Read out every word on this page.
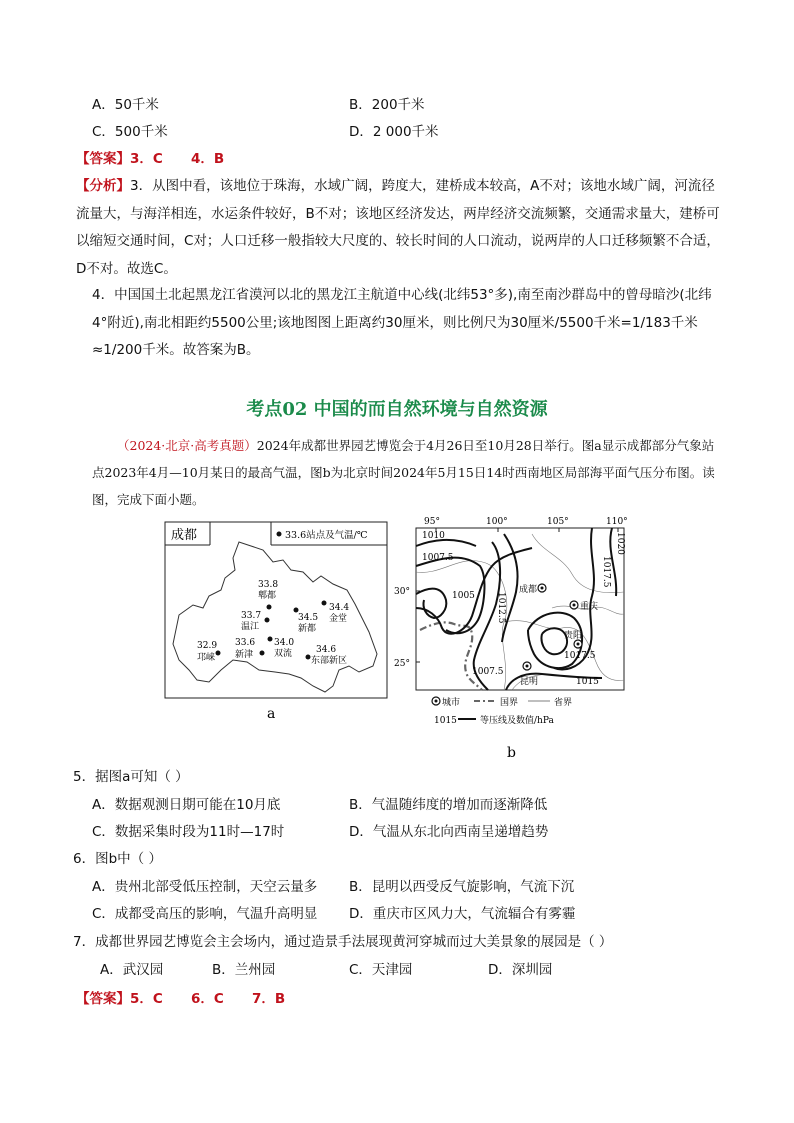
A．50千米	B．200千米
C．500千米	D．2 000千米
【答案】3．C      4．B
【分析】3．从图中看，该地位于珠海，水域广阔，跨度大，建桥成本较高，A不对；该地水域广阔，河流径流量大，与海洋相连，水运条件较好，B不对；该地区经济发达，两岸经济交流频繁，交通需求量大，建桥可以缩短交通时间，C对；人口迁移一般指较大尺度的、较长时间的人口流动，说两岸的人口迁移频繁不合适，D不对。故选C。
4．中国国土北起黑龙江省漠河以北的黑龙江主航道中心线(北纬53°多),南至南沙群岛中的曾母暗沙(北纬4°附近),南北相距约5500公里;该地图图上距离约30厘米，则比例尺为30厘米/5500千米=1/183千米≈1/200千米。故答案为B。
考点02 中国的而自然环境与自然资源
（2024·北京·高考真题）2024年成都世界园艺博览会于4月26日至10月28日举行。图a显示成都部分气象站点2023年4月—10月某日的最高气温，图b为北京时间2024年5月15日14时西南地区局部海平面气压分布图。读图，完成下面小题。
成都	33.6站点及气温/℃
33.8
郫都
33.7
温江
34.5
新都
34.4
金堂
32.9
邛崃
33.6
新津
34.0
双流	34.6
东部新区
a
95°	100°	105°	110°
30°
25°
1010
1007.5
1005 1012.5
1017.5
1020
1007.5
1017.5
1015
成都
重庆
贵阳
昆明
城市	国界	省界
1015	等压线及数值/hPa
b
5．据图a可知（ ）
A．数据观测日期可能在10月底	B．气温随纬度的增加而逐渐降低
C．数据采集时段为11时—17时	D．气温从东北向西南呈递增趋势
6．图b中（ ）
A．贵州北部受低压控制，天空云量多 B．昆明以西受反气旋影响，气流下沉
C．成都受高压的影响，气温升高明显 D．重庆市区风力大，气流辐合有雾霾
7．成都世界园艺博览会主会场内，通过造景手法展现黄河穿城而过大美景象的展园是（ ）
A．武汉园	B．兰州园	C．天津园	D．深圳园
【答案】5．C      6．C      7．B
